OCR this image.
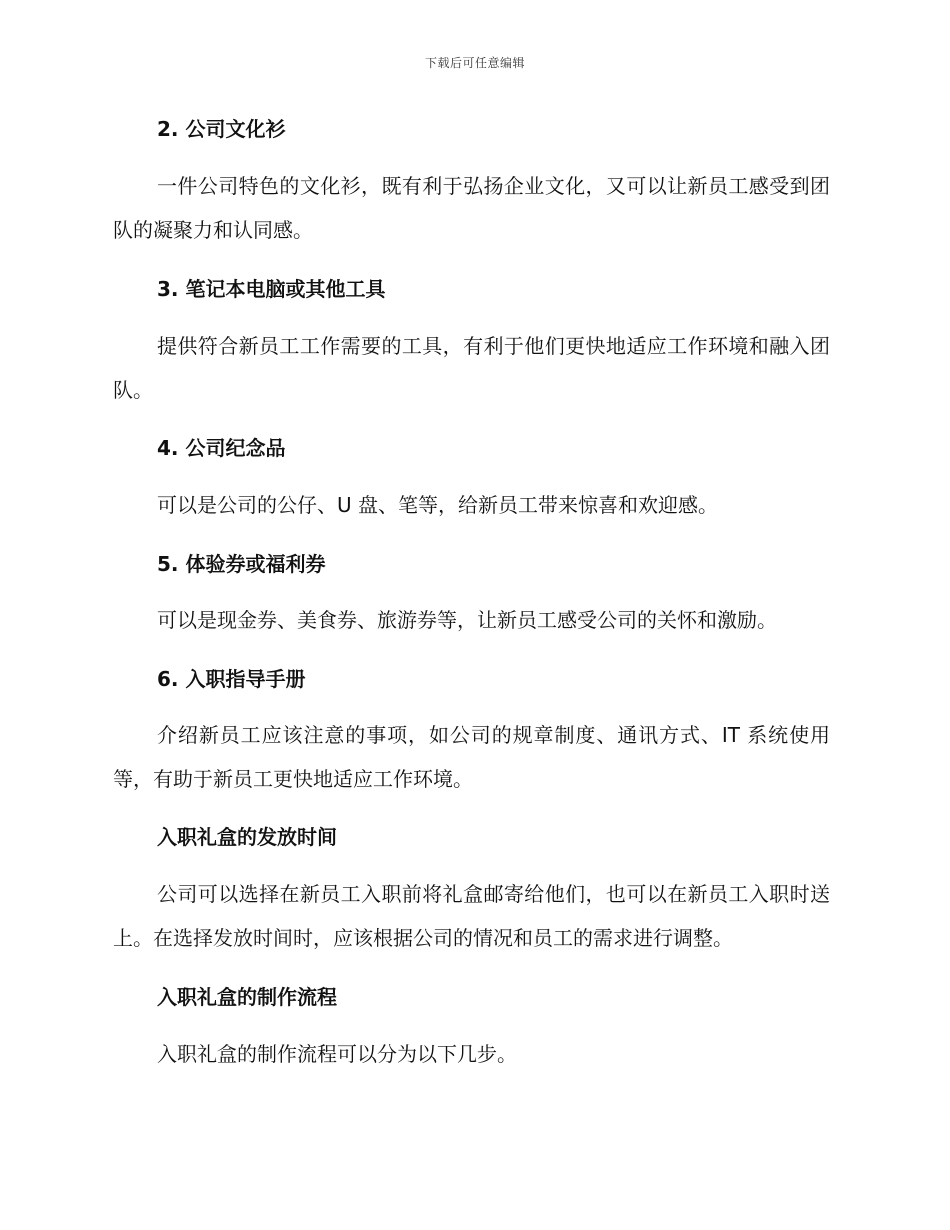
下载后可任意编辑
2. 公司文化衫
一件公司特色的文化衫，既有利于弘扬企业文化，又可以让新员工感受到团队的凝聚力和认同感。
3. 笔记本电脑或其他工具
提供符合新员工工作需要的工具，有利于他们更快地适应工作环境和融入团队。
4. 公司纪念品
可以是公司的公仔、U 盘、笔等，给新员工带来惊喜和欢迎感。
5. 体验券或福利券
可以是现金券、美食券、旅游券等，让新员工感受公司的关怀和激励。
6. 入职指导手册
介绍新员工应该注意的事项，如公司的规章制度、通讯方式、IT 系统使用等，有助于新员工更快地适应工作环境。
入职礼盒的发放时间
公司可以选择在新员工入职前将礼盒邮寄给他们，也可以在新员工入职时送上。在选择发放时间时，应该根据公司的情况和员工的需求进行调整。
入职礼盒的制作流程
入职礼盒的制作流程可以分为以下几步。
